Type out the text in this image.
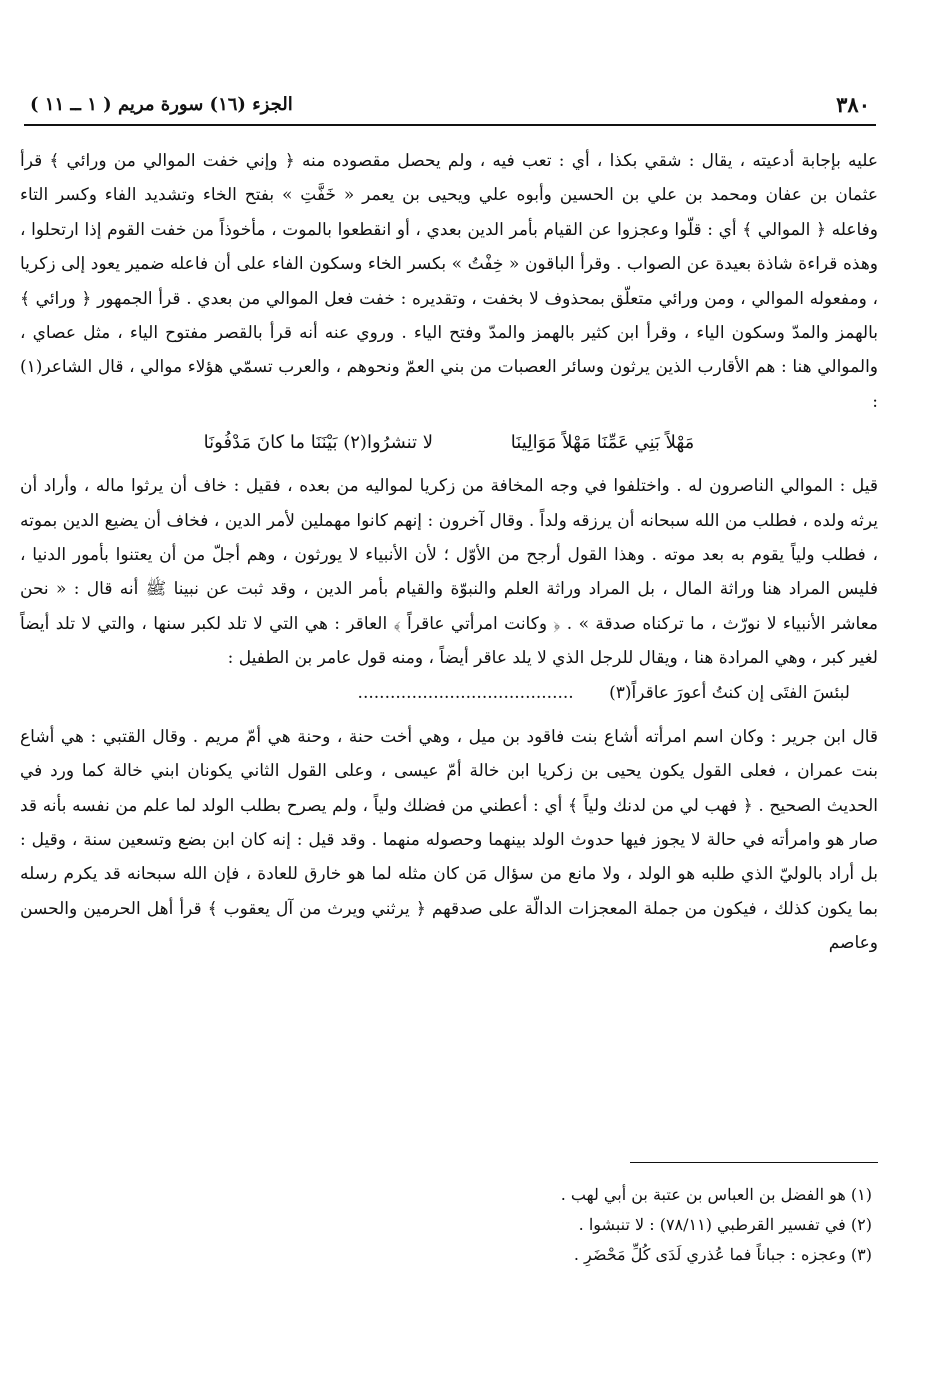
٣٨٠
الجزء (١٦) سورة مريم ( ١ ــ ١١ )

عليه بإجابة أدعيته ، يقال : شقي بكذا ، أي : تعب فيه ، ولم يحصل مقصوده منه ﴿ وإني خفت الموالي من ورائي ﴾ قرأ عثمان بن عفان ومحمد بن علي بن الحسين وأبوه علي ويحيى بن يعمر « خَفَّتِ » بفتح الخاء وتشديد الفاء وكسر التاء وفاعله ﴿ الموالي ﴾ أي : قلّوا وعجزوا عن القيام بأمر الدين بعدي ، أو انقطعوا بالموت ، مأخوذاً من خفت القوم إذا ارتحلوا ، وهذه قراءة شاذة بعيدة عن الصواب . وقرأ الباقون « خِفْتُ » بكسر الخاء وسكون الفاء على أن فاعله ضمير يعود إلى زكريا ، ومفعوله الموالي ، ومن ورائي متعلّق بمحذوف لا بخفت ، وتقديره : خفت فعل الموالي من بعدي . قرأ الجمهور ﴿ ورائي ﴾ بالهمز والمدّ وسكون الياء ، وقرأ ابن كثير بالهمز والمدّ وفتح الياء . وروي عنه أنه قرأ بالقصر مفتوح الياء ، مثل عصاي ، والموالي هنا : هم الأقارب الذين يرثون وسائر العصبات من بني العمّ ونحوهم ، والعرب تسمّي هؤلاء موالي ، قال الشاعر(١) :

مَهْلاً بَنِي عَمِّنَا مَهْلاً مَوَالِينَا لا تنشرُوا(٢) بَيْنَنَا ما كانَ مَدْفُونَا

قيل : الموالي الناصرون له . واختلفوا في وجه المخافة من زكريا لمواليه من بعده ، فقيل : خاف أن يرثوا ماله ، وأراد أن يرثه ولده ، فطلب من الله سبحانه أن يرزقه ولداً . وقال آخرون : إنهم كانوا مهملين لأمر الدين ، فخاف أن يضيع الدين بموته ، فطلب ولياً يقوم به بعد موته . وهذا القول أرجح من الأوّل ؛ لأن الأنبياء لا يورثون ، وهم أجلّ من أن يعتنوا بأمور الدنيا ، فليس المراد هنا وراثة المال ، بل المراد وراثة العلم والنبوّة والقيام بأمر الدين ، وقد ثبت عن نبينا ﷺ أنه قال : « نحن معاشر الأنبياء لا نورّث ، ما تركناه صدقة » . ﴿ وكانت امرأتي عاقراً ﴾ العاقر : هي التي لا تلد لكبر سنها ، والتي لا تلد أيضاً لغير كبر ، وهي المرادة هنا ، ويقال للرجل الذي لا يلد عاقر أيضاً ، ومنه قول عامر بن الطفيل :

لبئسَ الفتَى إن كنتُ أعورَ عاقراً(٣) ........................................

قال ابن جرير : وكان اسم امرأته أشاع بنت فاقود بن ميل ، وهي أخت حنة ، وحنة هي أمّ مريم . وقال القتبي : هي أشاع بنت عمران ، فعلى القول يكون يحيى بن زكريا ابن خالة أمّ عيسى ، وعلى القول الثاني يكونان ابني خالة كما ورد في الحديث الصحيح . ﴿ فهب لي من لدنك ولياً ﴾ أي : أعطني من فضلك ولياً ، ولم يصرح بطلب الولد لما علم من نفسه بأنه قد صار هو وامرأته في حالة لا يجوز فيها حدوث الولد بينهما وحصوله منهما . وقد قيل : إنه كان ابن بضع وتسعين سنة ، وقيل : بل أراد بالوليّ الذي طلبه هو الولد ، ولا مانع من سؤال مَن كان مثله لما هو خارق للعادة ، فإن الله سبحانه قد يكرم رسله بما يكون كذلك ، فيكون من جملة المعجزات الدالّة على صدقهم ﴿ يرثني ويرث من آل يعقوب ﴾ قرأ أهل الحرمين والحسن وعاصم

(١) هو الفضل بن العباس بن عتبة بن أبي لهب .
(٢) في تفسير القرطبي (٧٨/١١) : لا تنبشوا .
(٣) وعجزه : جباناً فما عُذري لَدَى كُلِّ مَحْضَرِ .
